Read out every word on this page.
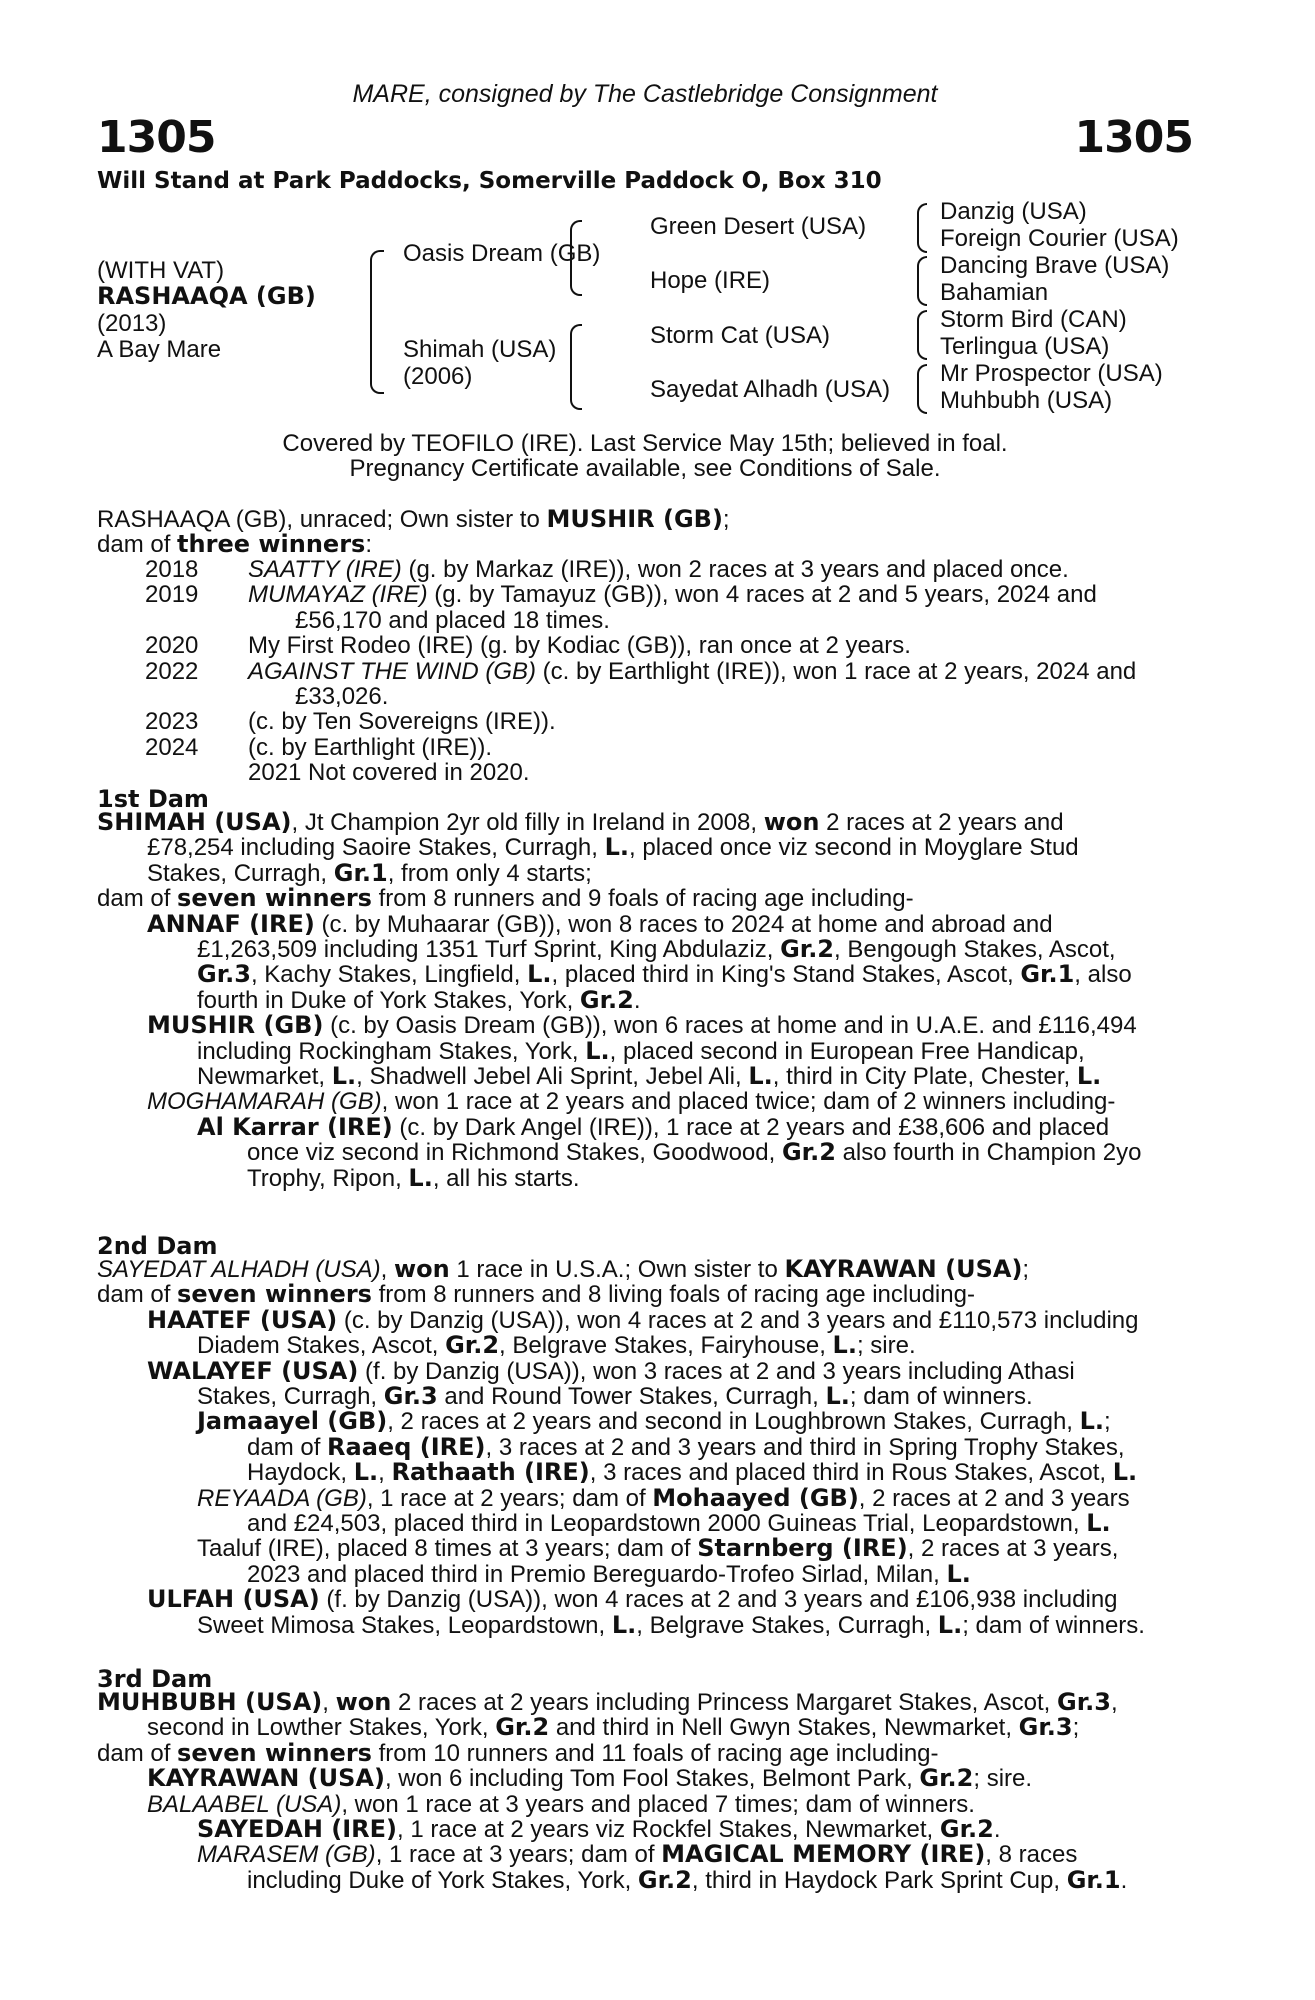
MARE, consigned by The Castlebridge Consignment
1305	1305
Will Stand at Park Paddocks, Somerville Paddock O, Box 310
(WITH VAT)
RASHAAQA (GB)
(2013)
A Bay Mare
Oasis Dream (GB)
Shimah (USA)
(2006)
Green Desert (USA)
Hope (IRE)
Storm Cat (USA)
Sayedat Alhadh (USA)
Danzig (USA)
Foreign Courier (USA)
Dancing Brave (USA)
Bahamian
Storm Bird (CAN)
Terlingua (USA)
Mr Prospector (USA)
Muhbubh (USA)
Covered by TEOFILO (IRE). Last Service May 15th; believed in foal.
Pregnancy Certificate available, see Conditions of Sale.
RASHAAQA (GB), unraced; Own sister to MUSHIR (GB);
dam of three winners:
2018 SAATTY (IRE) (g. by Markaz (IRE)), won 2 races at 3 years and placed once.
2019 MUMAYAZ (IRE) (g. by Tamayuz (GB)), won 4 races at 2 and 5 years, 2024 and
£56,170 and placed 18 times.
2020 My First Rodeo (IRE) (g. by Kodiac (GB)), ran once at 2 years.
2022 AGAINST THE WIND (GB) (c. by Earthlight (IRE)), won 1 race at 2 years, 2024 and
£33,026.
2023 (c. by Ten Sovereigns (IRE)).
2024 (c. by Earthlight (IRE)).
2021 Not covered in 2020.
1st Dam
SHIMAH (USA), Jt Champion 2yr old filly in Ireland in 2008, won 2 races at 2 years and
£78,254 including Saoire Stakes, Curragh, L., placed once viz second in Moyglare Stud
Stakes, Curragh, Gr.1, from only 4 starts;
dam of seven winners from 8 runners and 9 foals of racing age including-
ANNAF (IRE) (c. by Muhaarar (GB)), won 8 races to 2024 at home and abroad and
£1,263,509 including 1351 Turf Sprint, King Abdulaziz, Gr.2, Bengough Stakes, Ascot,
Gr.3, Kachy Stakes, Lingfield, L., placed third in King's Stand Stakes, Ascot, Gr.1, also
fourth in Duke of York Stakes, York, Gr.2.
MUSHIR (GB) (c. by Oasis Dream (GB)), won 6 races at home and in U.A.E. and £116,494
including Rockingham Stakes, York, L., placed second in European Free Handicap,
Newmarket, L., Shadwell Jebel Ali Sprint, Jebel Ali, L., third in City Plate, Chester, L.
MOGHAMARAH (GB), won 1 race at 2 years and placed twice; dam of 2 winners including-
Al Karrar (IRE) (c. by Dark Angel (IRE)), 1 race at 2 years and £38,606 and placed
once viz second in Richmond Stakes, Goodwood, Gr.2 also fourth in Champion 2yo
Trophy, Ripon, L., all his starts.
2nd Dam
SAYEDAT ALHADH (USA), won 1 race in U.S.A.; Own sister to KAYRAWAN (USA);
dam of seven winners from 8 runners and 8 living foals of racing age including-
HAATEF (USA) (c. by Danzig (USA)), won 4 races at 2 and 3 years and £110,573 including
Diadem Stakes, Ascot, Gr.2, Belgrave Stakes, Fairyhouse, L.; sire.
WALAYEF (USA) (f. by Danzig (USA)), won 3 races at 2 and 3 years including Athasi
Stakes, Curragh, Gr.3 and Round Tower Stakes, Curragh, L.; dam of winners.
Jamaayel (GB), 2 races at 2 years and second in Loughbrown Stakes, Curragh, L.;
dam of Raaeq (IRE), 3 races at 2 and 3 years and third in Spring Trophy Stakes,
Haydock, L., Rathaath (IRE), 3 races and placed third in Rous Stakes, Ascot, L.
REYAADA (GB), 1 race at 2 years; dam of Mohaayed (GB), 2 races at 2 and 3 years
and £24,503, placed third in Leopardstown 2000 Guineas Trial, Leopardstown, L.
Taaluf (IRE), placed 8 times at 3 years; dam of Starnberg (IRE), 2 races at 3 years,
2023 and placed third in Premio Bereguardo-Trofeo Sirlad, Milan, L.
ULFAH (USA) (f. by Danzig (USA)), won 4 races at 2 and 3 years and £106,938 including
Sweet Mimosa Stakes, Leopardstown, L., Belgrave Stakes, Curragh, L.; dam of winners.
3rd Dam
MUHBUBH (USA), won 2 races at 2 years including Princess Margaret Stakes, Ascot, Gr.3,
second in Lowther Stakes, York, Gr.2 and third in Nell Gwyn Stakes, Newmarket, Gr.3;
dam of seven winners from 10 runners and 11 foals of racing age including-
KAYRAWAN (USA), won 6 including Tom Fool Stakes, Belmont Park, Gr.2; sire.
BALAABEL (USA), won 1 race at 3 years and placed 7 times; dam of winners.
SAYEDAH (IRE), 1 race at 2 years viz Rockfel Stakes, Newmarket, Gr.2.
MARASEM (GB), 1 race at 3 years; dam of MAGICAL MEMORY (IRE), 8 races
including Duke of York Stakes, York, Gr.2, third in Haydock Park Sprint Cup, Gr.1.
